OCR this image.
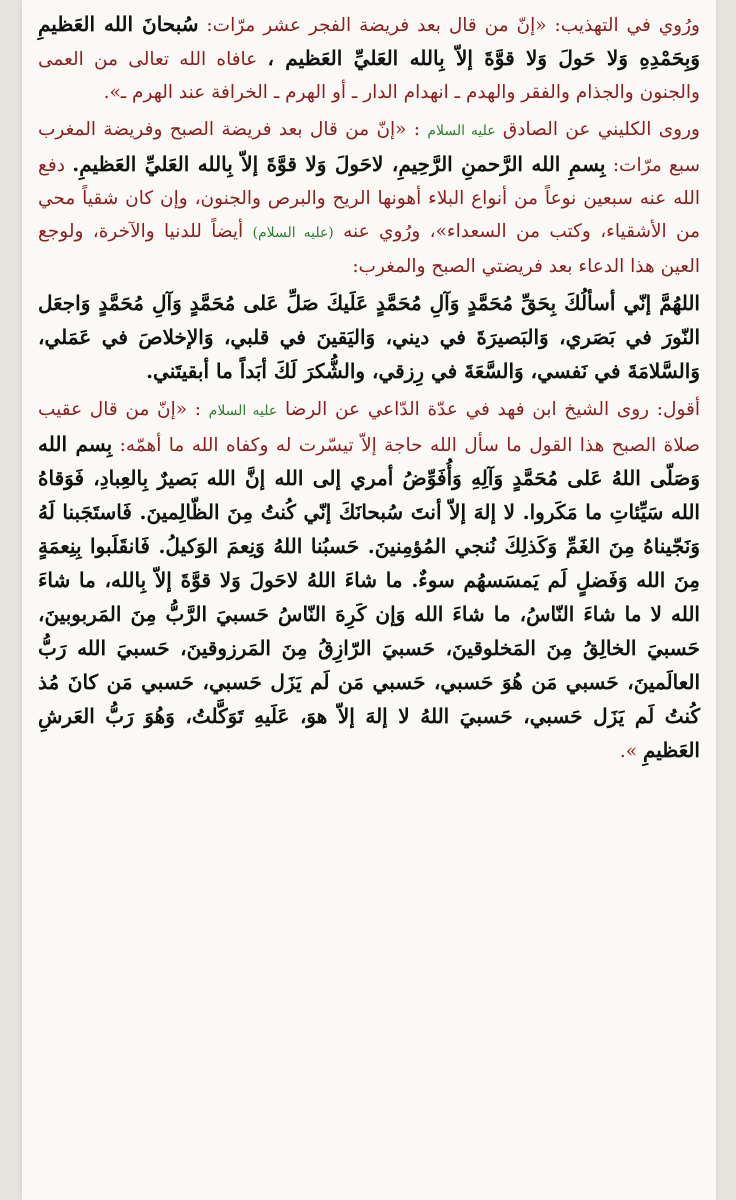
ورُوي في التهذيب: «إنّ من قال بعد فريضة الفجر عشر مرّات: سُبحانَ الله العَظيمِ وَبِحَمْدِهِ وَلا حَولَ وَلا قوَّةَ إلاّ بِالله العَليِّ العَظيم ، عافاه الله تعالى من العمى والجنون والجذام والفقر والهدم ـ انهدام الدار ـ أو الهرم ـ الخرافة عند الهرم ـ».
وروى الكليني عن الصادق عليه السلام : «إنّ من قال بعد فريضة الصبح وفريضة المغرب سبع مرّات: بِسمِ الله الرَّحمنِ الرَّحِيمِ، لاحَولَ وَلا قوَّةَ إلاّ بِالله العَليِّ العَظيمِ. دفع الله عنه سبعين نوعاً من أنواع البلاء أهونها الريح والبرص والجنون، وإن كان شقياً محي من الأشقياء، وكتب من السعداء»، ورُوي عنه (عليه السلام) أيضاً للدنيا والآخرة، ولوجع العين هذا الدعاء بعد فريضتي الصبح والمغرب:
اللهُمَّ إنّي أسألُكَ بِحَقِّ مُحَمَّدٍ وَآلِ مُحَمَّدٍ عَلَيكَ صَلِّ عَلى مُحَمَّدٍ وَآلِ مُحَمَّدٍ وَاجعَل النّورَ في بَصَري، وَالبَصيرَةَ في ديني، وَاليَقينَ في قلبي، وَالإخلاصَ في عَمَلي، وَالسَّلامَةَ في نَفسي، وَالسَّعَةَ في رِزقي، والشُّكرَ لَكَ أبَداً ما أبقيتَني.
أقول: روى الشيخ ابن فهد في عدّة الدّاعي عن الرضا عليه السلام : «إنّ من قال عقيب صلاة الصبح هذا القول ما سأل الله حاجة إلاّ تيسّرت له وكفاه الله ما أهمّه: بِسم الله وَصَلّى اللهُ عَلى مُحَمَّدٍ وَآلِهِ وَأُفَوِّضُ أمري إلى الله إنَّ الله بَصيرٌ بِالعِبادِ، فَوَقاهُ الله سَيِّئاتِ ما مَكَروا. لا إلهَ إلاّ أنتَ سُبحانَكَ إنّي كُنتُ مِنَ الظّالِمينَ. فَاستَجَبنا لَهُ وَنَجّيناهُ مِنَ الغَمِّ وَكَذلِكَ نُنجي المُؤمِنينَ. حَسبُنا اللهُ وَنِعمَ الوَكيلُ. فَانقَلَبوا بِنِعمَةٍ مِنَ الله وَفَضلٍ لَم يَمسَسهُم سوءٌ. ما شاءَ اللهُ لاحَولَ وَلا قوَّةَ إلاّ بِالله، ما شاءَ الله لا ما شاءَ النّاسُ، ما شاءَ الله وَإن كَرِهَ النّاسُ حَسبيَ الرَّبُّ مِنَ المَربوبينَ، حَسبيَ الخالِقُ مِنَ المَخلوقينَ، حَسبيَ الرّازِقُ مِنَ المَرزوقينَ، حَسبيَ الله رَبُّ العالَمينَ، حَسبي مَن هُوَ حَسبي، حَسبي مَن لَم يَزَل حَسبي، حَسبي مَن كانَ مُذ كُنتُ لَم يَزَل حَسبي، حَسبيَ اللهُ لا إلهَ إلاّ هوَ، عَلَيهِ تَوَكَّلتُ، وَهُوَ رَبُّ العَرشِ العَظيمِ ».
